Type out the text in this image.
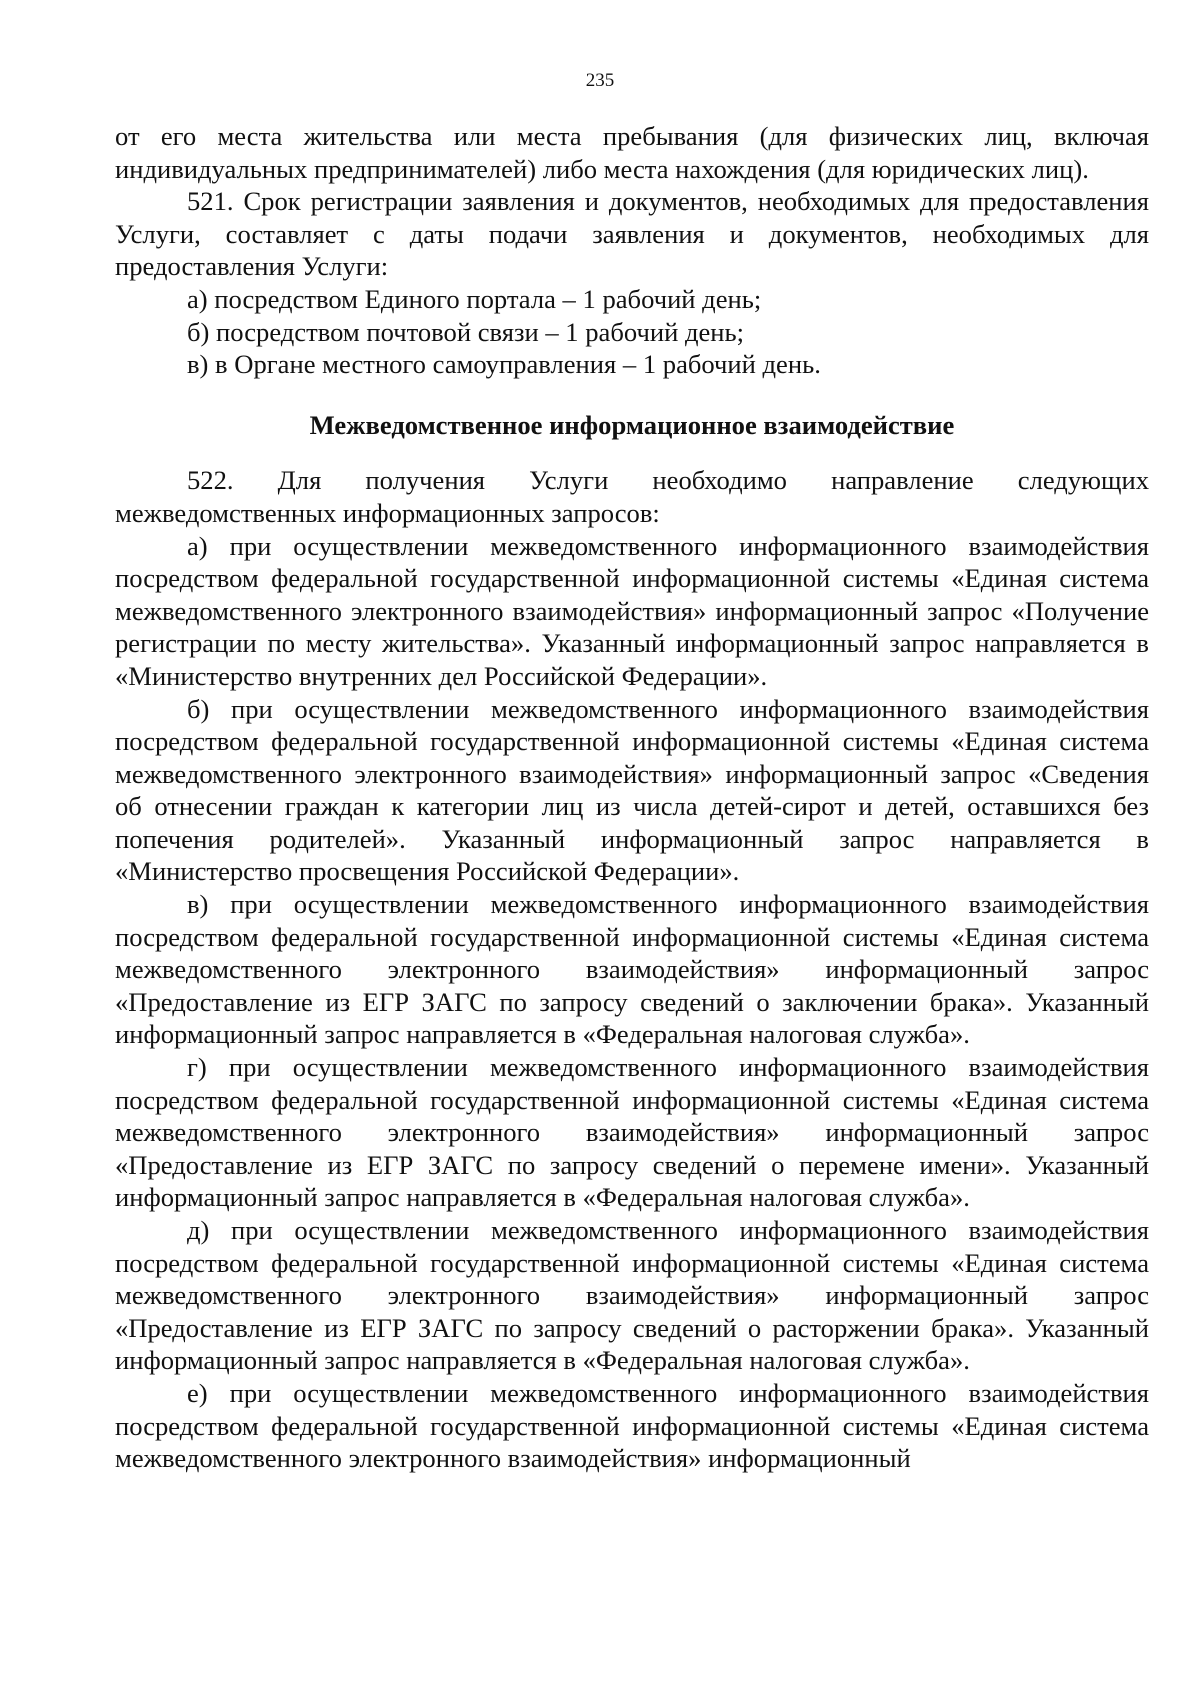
235

от его места жительства или места пребывания (для физических лиц, включая индивидуальных предпринимателей) либо места нахождения (для юридических лиц).

521. Срок регистрации заявления и документов, необходимых для предоставления Услуги, составляет с даты подачи заявления и документов, необходимых для предоставления Услуги:

а) посредством Единого портала – 1 рабочий день;

б) посредством почтовой связи – 1 рабочий день;

в) в Органе местного самоуправления – 1 рабочий день.

Межведомственное информационное взаимодействие

522. Для получения Услуги необходимо направление следующих межведомственных информационных запросов:

а) при осуществлении межведомственного информационного взаимодействия посредством федеральной государственной информационной системы «Единая система межведомственного электронного взаимодействия» информационный запрос «Получение регистрации по месту жительства». Указанный информационный запрос направляется в «Министерство внутренних дел Российской Федерации».

б) при осуществлении межведомственного информационного взаимодействия посредством федеральной государственной информационной системы «Единая система межведомственного электронного взаимодействия» информационный запрос «Сведения об отнесении граждан к категории лиц из числа детей-сирот и детей, оставшихся без попечения родителей». Указанный информационный запрос направляется в «Министерство просвещения Российской Федерации».

в) при осуществлении межведомственного информационного взаимодействия посредством федеральной государственной информационной системы «Единая система межведомственного электронного взаимодействия» информационный запрос «Предоставление из ЕГР ЗАГС по запросу сведений о заключении брака». Указанный информационный запрос направляется в «Федеральная налоговая служба».

г) при осуществлении межведомственного информационного взаимодействия посредством федеральной государственной информационной системы «Единая система межведомственного электронного взаимодействия» информационный запрос «Предоставление из ЕГР ЗАГС по запросу сведений о перемене имени». Указанный информационный запрос направляется в «Федеральная налоговая служба».

д) при осуществлении межведомственного информационного взаимодействия посредством федеральной государственной информационной системы «Единая система межведомственного электронного взаимодействия» информационный запрос «Предоставление из ЕГР ЗАГС по запросу сведений о расторжении брака». Указанный информационный запрос направляется в «Федеральная налоговая служба».

е) при осуществлении межведомственного информационного взаимодействия посредством федеральной государственной информационной системы «Единая система межведомственного электронного взаимодействия» информационный
